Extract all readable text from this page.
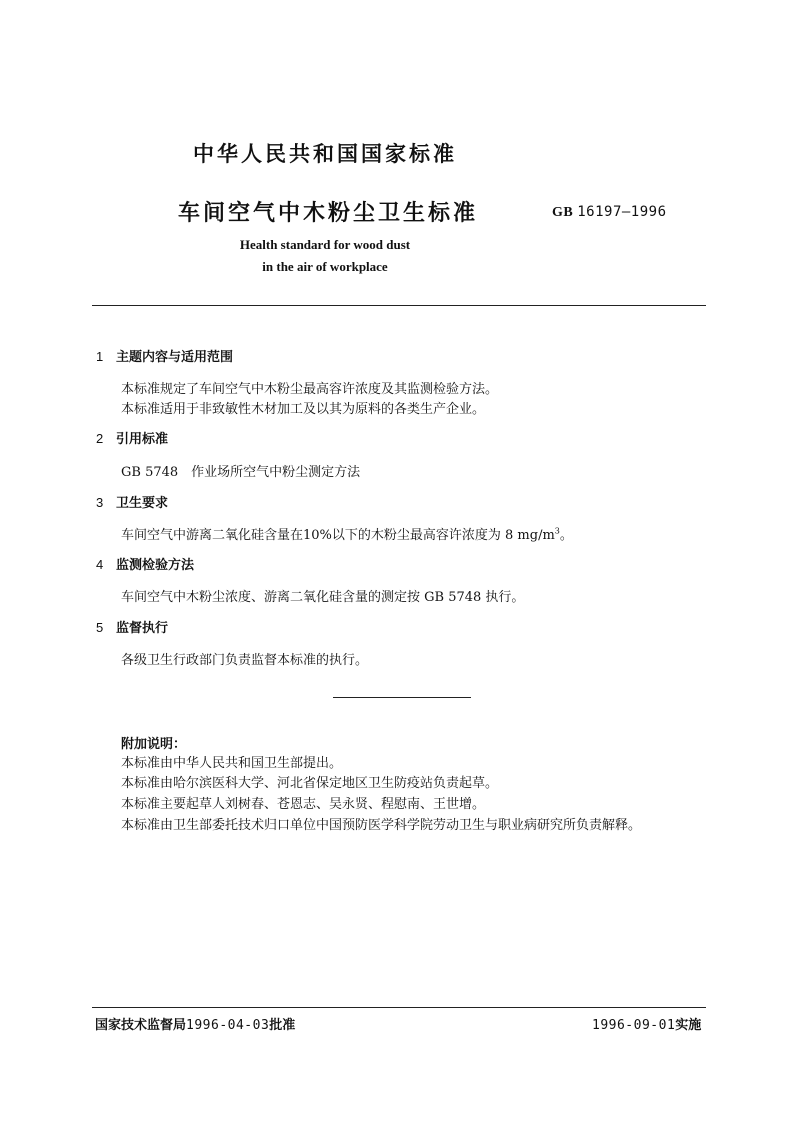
中华人民共和国国家标准
车间空气中木粉尘卫生标准	GB 16197—1996
Health standard for wood dust
in the air of workplace
1 主题内容与适用范围
本标准规定了车间空气中木粉尘最高容许浓度及其监测检验方法。
本标准适用于非致敏性木材加工及以其为原料的各类生产企业。
2 引用标准
GB 5748　作业场所空气中粉尘测定方法
3 卫生要求
车间空气中游离二氧化硅含量在10%以下的木粉尘最高容许浓度为 8 $mg/m^3$。
4 监测检验方法
车间空气中木粉尘浓度、游离二氧化硅含量的测定按 GB 5748 执行。
5 监督执行
各级卫生行政部门负责监督本标准的执行。
附加说明：
本标准由中华人民共和国卫生部提出。
本标准由哈尔滨医科大学、河北省保定地区卫生防疫站负责起草。
本标准主要起草人刘树春、苍恩志、吴永贤、程慰南、王世增。
本标准由卫生部委托技术归口单位中国预防医学科学院劳动卫生与职业病研究所负责解释。
国家技术监督局1996-04-03批准	1996-09-01实施
